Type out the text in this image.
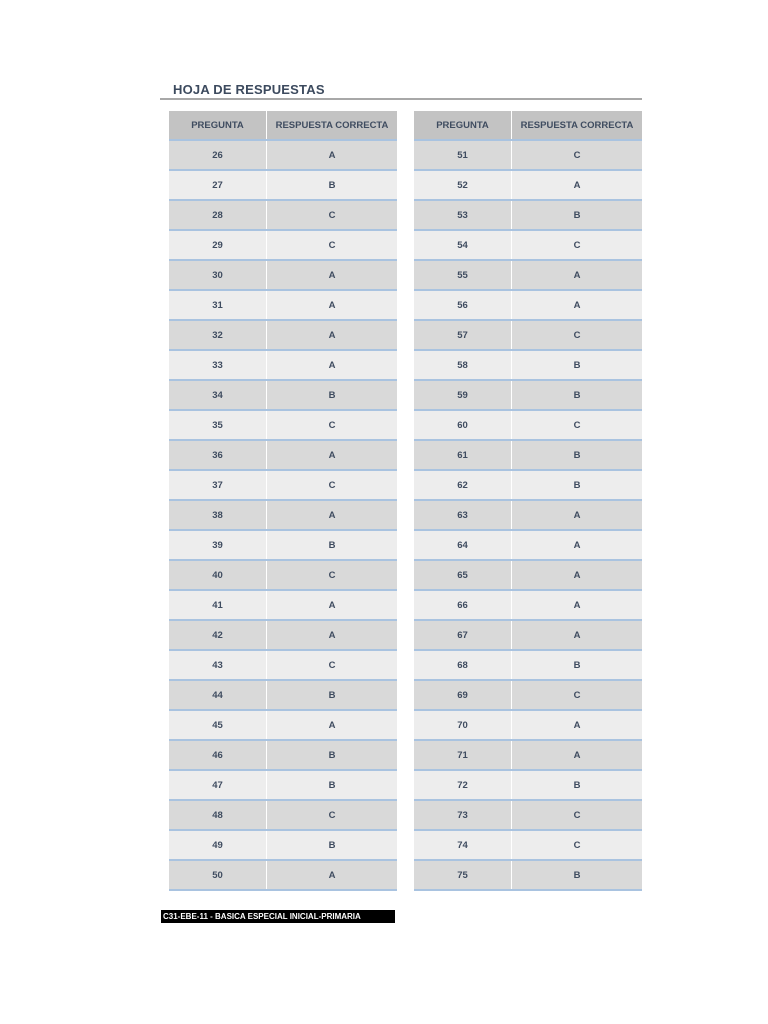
HOJA DE RESPUESTAS
PREGUNTA	RESPUESTA CORRECTA
26	A
27	B
28	C
29	C
30	A
31	A
32	A
33	A
34	B
35	C
36	A
37	C
38	A
39	B
40	C
41	A
42	A
43	C
44	B
45	A
46	B
47	B
48	C
49	B
50	A
PREGUNTA	RESPUESTA CORRECTA
51	C
52	A
53	B
54	C
55	A
56	A
57	C
58	B
59	B
60	C
61	B
62	B
63	A
64	A
65	A
66	A
67	A
68	B
69	C
70	A
71	A
72	B
73	C
74	C
75	B
C31-EBE-11 - BASICA ESPECIAL INICIAL-PRIMARIA
